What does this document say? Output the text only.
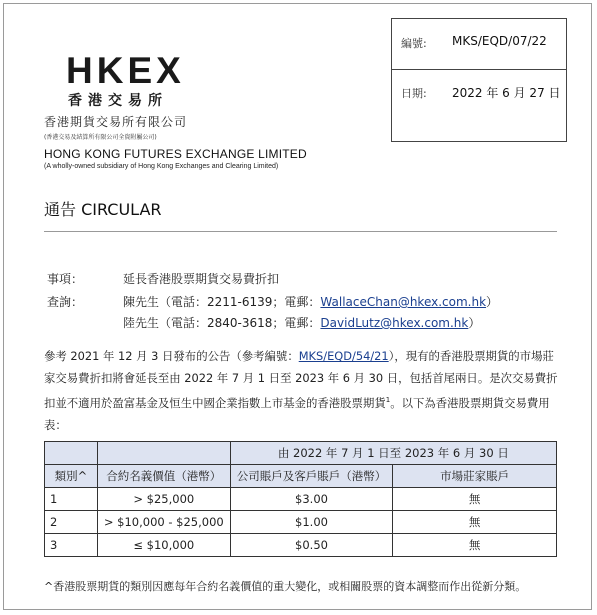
HKEX
香港交易所
香港期貨交易所有限公司
(香港交易及結算所有限公司全資附屬公司)
HONG KONG FUTURES EXCHANGE LIMITED
(A wholly-owned subsidiary of Hong Kong Exchanges and Clearing Limited)
編號: MKS/EQD/07/22
日期: 2022 年 6 月 27 日
通告 CIRCULAR
事項：	延長香港股票期貨交易費折扣
查詢：	陳先生（電話：2211-6139；電郵：WallaceChan@hkex.com.hk）
陸先生（電話：2840-3618；電郵：DavidLutz@hkex.com.hk）
參考 2021 年 12 月 3 日發布的公告（參考編號：MKS/EQD/54/21），現有的香港股票期貨的市場莊家交易費折扣將會延長至由 2022 年 7 月 1 日至 2023 年 6 月 30 日，包括首尾兩日。是次交易費折扣並不適用於盈富基金及恒生中國企業指數上市基金的香港股票期貨$^1$。以下為香港股票期貨交易費用表：
		由 2022 年 7 月 1 日至 2023 年 6 月 30 日	
類別^	合約名義價值（港幣）	公司賬戶及客戶賬戶（港幣）	市場莊家賬戶
1	> $25,000	$3.00	無
2	> $10,000 - $25,000	$1.00	無
3	≤ $10,000	$0.50	無
^香港股票期貨的類別因應每年合約名義價值的重大變化，或相關股票的資本調整而作出從新分類。
